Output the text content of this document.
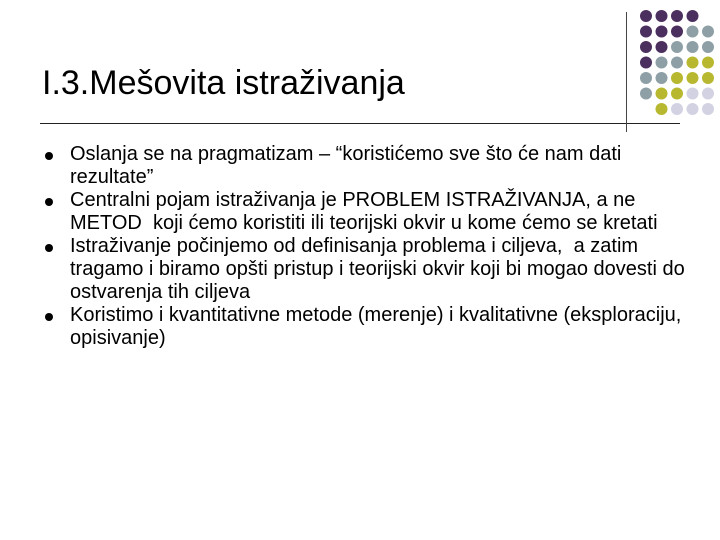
I.3.Mešovita istraživanja
Oslanja se na pragmatizam – “koristićemo sve što će nam dati rezultate”
Centralni pojam istraživanja je PROBLEM ISTRAŽIVANJA, a ne METOD  koji ćemo koristiti ili teorijski okvir u kome ćemo se kretati
Istraživanje počinjemo od definisanja problema i ciljeva,  a zatim tragamo i biramo opšti pristup i teorijski okvir koji bi mogao dovesti do ostvarenja tih ciljeva
Koristimo i kvantitativne metode (merenje) i kvalitativne (eksploraciju, opisivanje)
